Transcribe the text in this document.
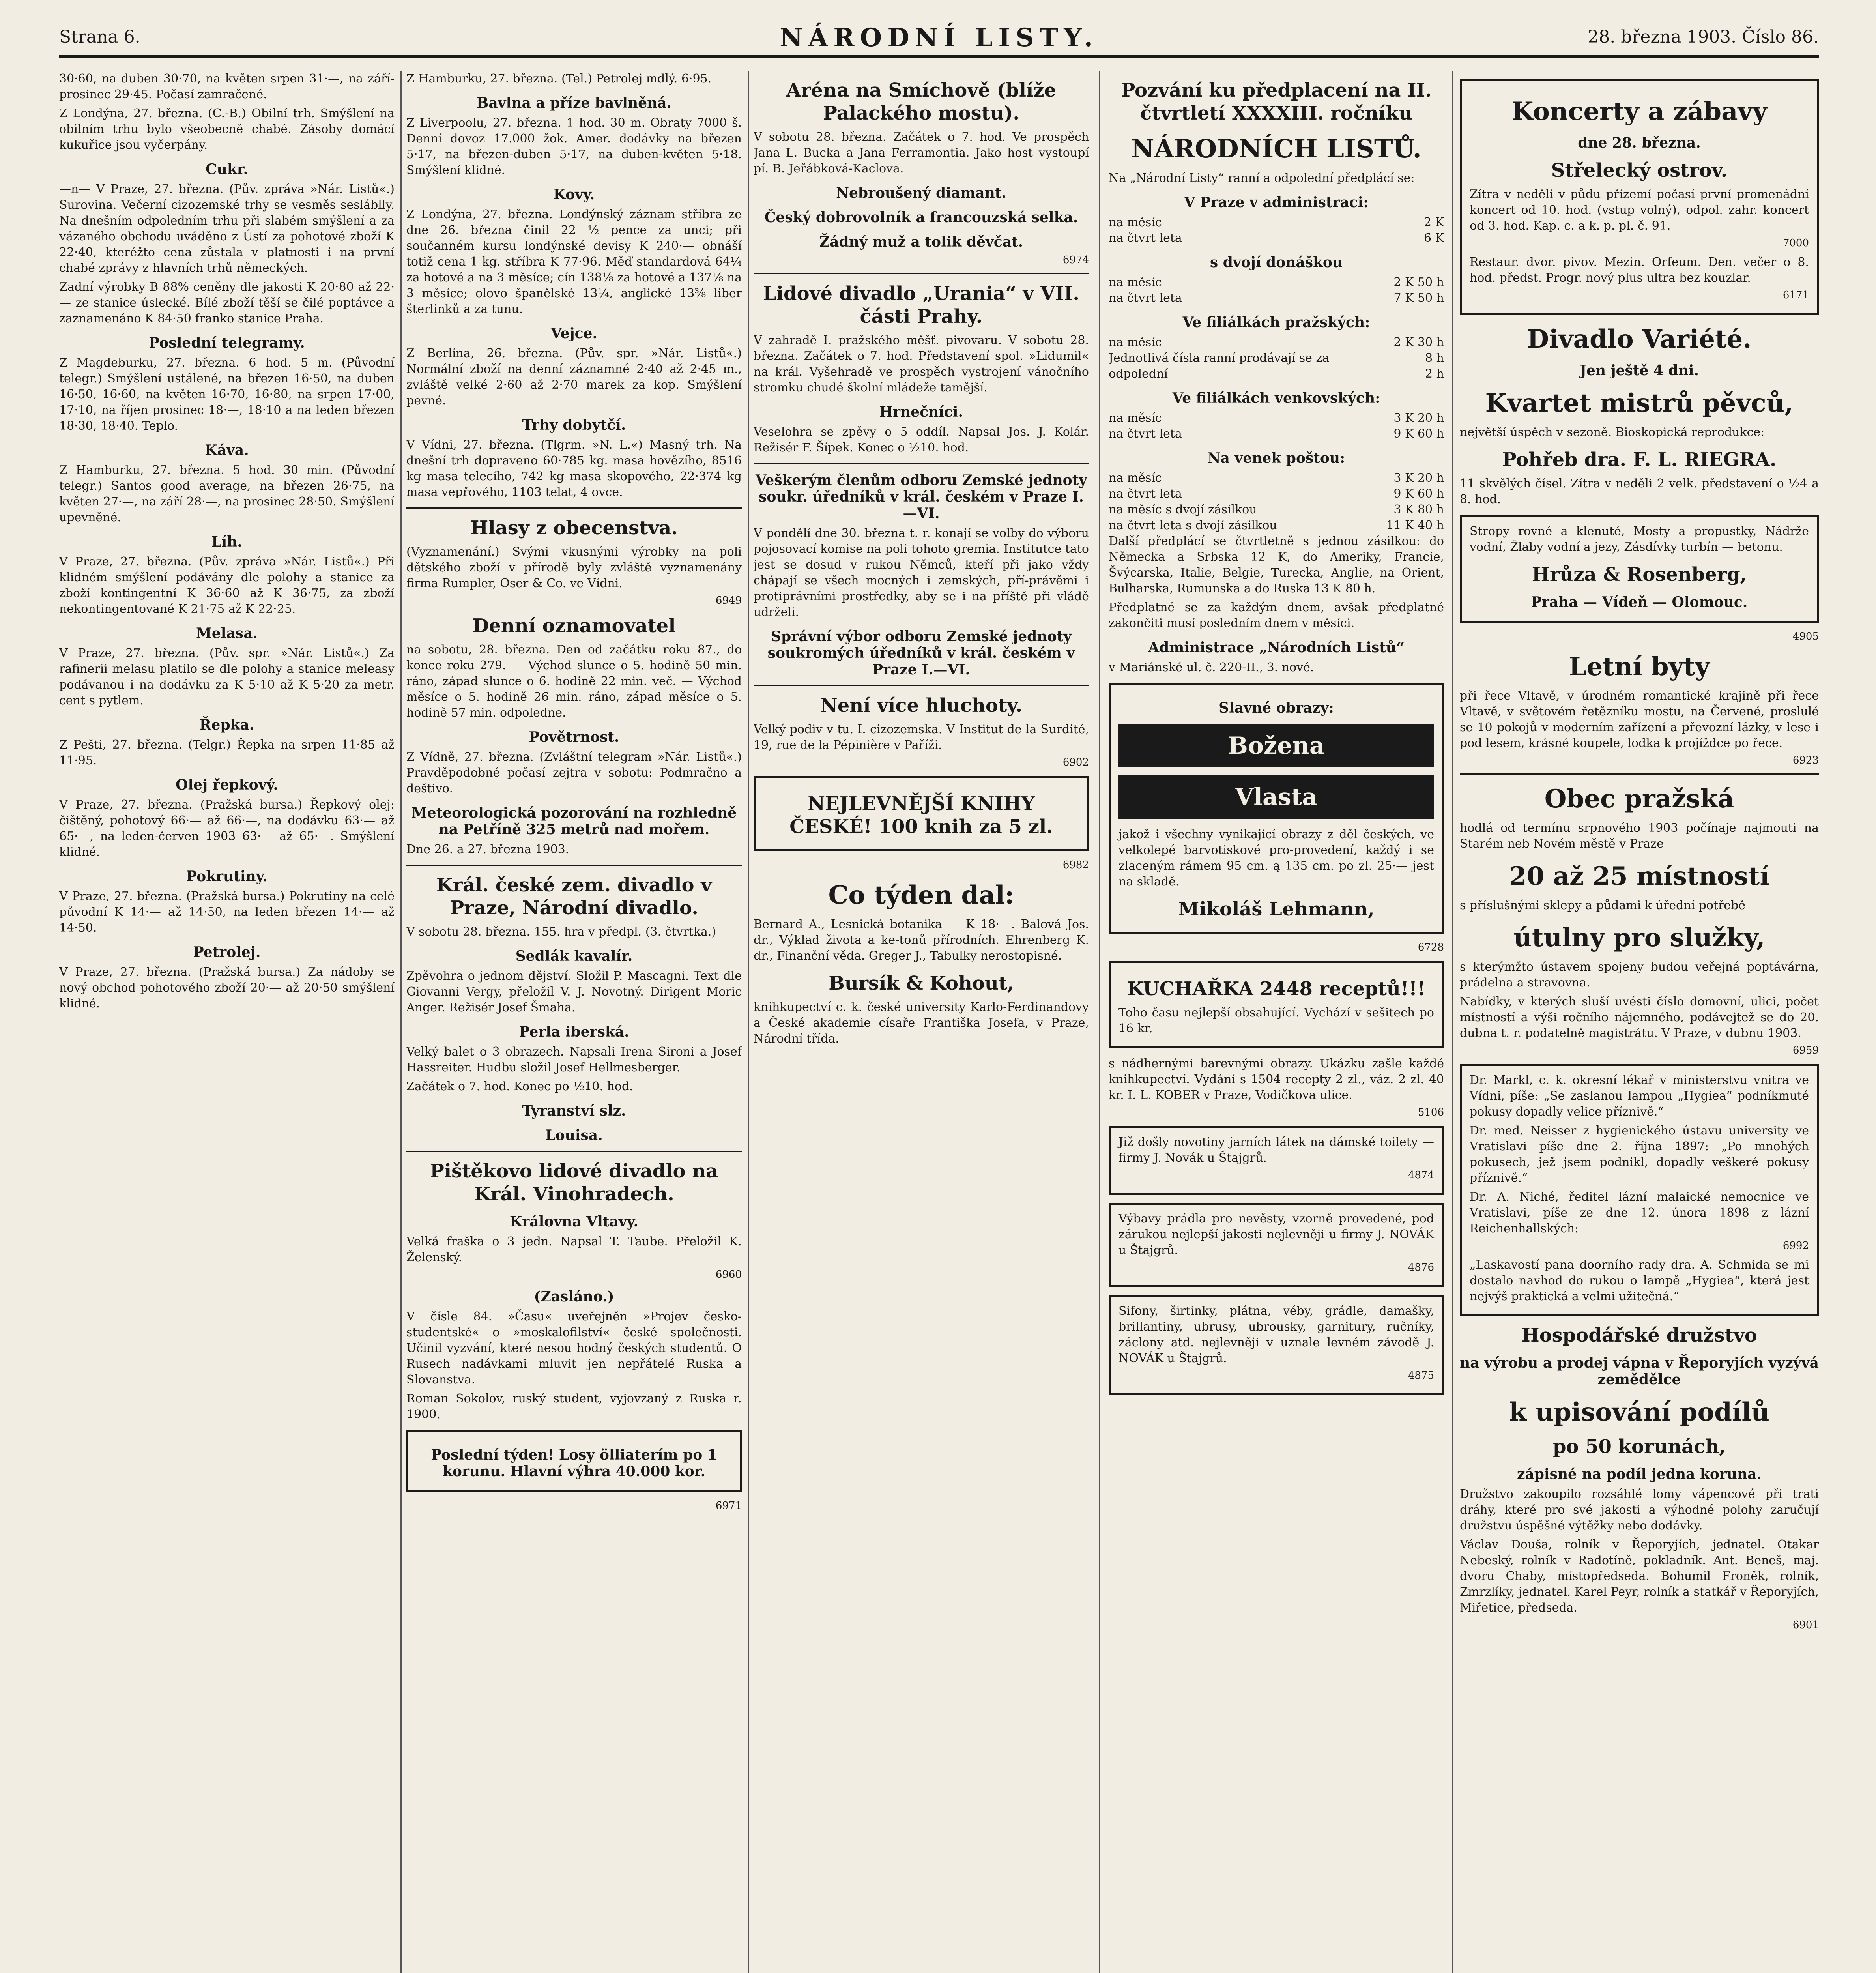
Strana 6.	NÁRODNÍ LISTY.	28. března 1903. Číslo 86.

30·60, na duben 30·70, na květen srpen 31·—, na září-prosinec 29·45. Počasí zamračené.

Z Londýna, 27. března. (C.-B.) Obilní trh. Smýšlení na obilním trhu bylo všeobecně chabé. Zásoby domácí kukuřice jsou vyčerpány.

Cukr.

—n— V Praze, 27. března. (Pův. zpráva »Nár. Listů«.) Surovina. Večerní cizozemské trhy se vesměs sesláblly. Na dnešním odpoledním trhu při slabém smýšlení a za vázaného obchodu uváděno z Ústí za pohotové zboží K 22·40, kteréžto cena zůstala v platnosti i na první chabé zprávy z hlavních trhů německých.

Zadní výrobky B 88% ceněny dle jakosti K 20·80 až 22·— ze stanice úslecké. Bílé zboží těší se čilé poptávce a zaznamenáno K 84·50 franko stanice Praha.

Poslední telegramy.

Z Magdeburku, 27. března. 6 hod. 5 m. (Původní telegr.) Smýšlení ustálené, na březen 16·50, na duben 16·50, 16·60, na květen 16·70, 16·80, na srpen 17·00, 17·10, na říjen prosinec 18·—, 18·10 a na leden březen 18·30, 18·40. Teplo.

Káva.

Z Hamburku, 27. března. 5 hod. 30 min. (Původní telegr.) Santos good average, na březen 26·75, na květen 27·—, na září 28·—, na prosinec 28·50. Smýšlení upevněné.

Líh.

V Praze, 27. března. (Pův. zpráva »Nár. Listů«.) Při klidném smýšlení podávány dle polohy a stanice za zboží kontingentní K 36·60 až K 36·75, za zboží nekontingentované K 21·75 až K 22·25.

Melasa.

V Praze, 27. března. (Pův. spr. »Nár. Listů«.) Za rafinerii melasu platilo se dle polohy a stanice meleasy podávanou i na dodávku za K 5·10 až K 5·20 za metr. cent s pytlem.

Řepka.

Z Pešti, 27. března. (Telgr.) Řepka na srpen 11·85 až 11·95.

Olej řepkový.

V Praze, 27. března. (Pražská bursa.) Řepkový olej: čištěný, pohotový 66·— až 66·—, na dodávku 63·— až 65·—, na leden-červen 1903 63·— až 65·—. Smýšlení klidné.

Pokrutiny.

V Praze, 27. března. (Pražská bursa.) Pokrutiny na celé původní K 14·— až 14·50, na leden březen 14·— až 14·50.

Petrolej.

V Praze, 27. března. (Pražská bursa.) Za nádoby se nový obchod pohotového zboží 20·— až 20·50 smýšlení klidné.

Z Hamburku, 27. března. (Tel.) Petrolej mdlý. 6·95.

Bavlna a příze bavlněná.

Z Liverpoolu, 27. března. 1 hod. 30 m. Obraty 7000 š. Denní dovoz 17.000 žok. Amer. dodávky na březen 5·17, na březen-duben 5·17, na duben-květen 5·18. Smýšlení klidné.

Kovy.

Z Londýna, 27. března. Londýnský záznam stříbra ze dne 26. března činil 22 ½ pence za unci; při součanném kursu londýnské devisy K 240·— obnáší totiž cena 1 kg. stříbra K 77·96. Měď standardová 64¼ za hotové a na 3 měsíce; cín 138⅛ za hotové a 137⅛ na 3 měsíce; olovo španělské 13¼, anglické 13⅜ liber šterlinků a za tunu.

Vejce.

Z Berlína, 26. března. (Pův. spr. »Nár. Listů«.) Normální zboží na denní záznamné 2·40 až 2·45 m., zvláště velké 2·60 až 2·70 marek za kop. Smýšlení pevné.

Trhy dobytčí.

V Vídni, 27. března. (Tlgrm. »N. L.«) Masný trh. Na dnešní trh dopraveno 60·785 kg. masa hovězího, 8516 kg masa telecího, 742 kg masa skopového, 22·374 kg masa vepřového, 1103 telat, 4 ovce.

Hlasy z obecenstva.

(Vyznamenání.) Svými vkusnými výrobky na poli dětského zboží v přírodě byly zvláště vyznamenány firma Rumpler, Oser & Co. ve Vídni.

6949
Denní oznamovatel

na sobotu, 28. března. Den od začátku roku 87., do konce roku 279. — Východ slunce o 5. hodině 50 min. ráno, západ slunce o 6. hodině 22 min. več. — Východ měsíce o 5. hodině 26 min. ráno, západ měsíce o 5. hodině 57 min. odpoledne.

Povětrnost.

Z Vídně, 27. března. (Zvláštní telegram »Nár. Listů«.) Pravděpodobné počasí zejtra v sobotu: Podmračno a deštivo.

Meteorologická pozorování na rozhledně na Petříně 325 metrů nad mořem.

Dne 26. a 27. března 1903.

Král. české zem. divadlo v Praze, Národní divadlo.

V sobotu 28. března. 155. hra v předpl. (3. čtvrtka.)

Sedlák kavalír.

Zpěvohra o jednom dějství. Složil P. Mascagni. Text dle Giovanni Vergy, přeložil V. J. Novotný. Dirigent Moric Anger. Režisér Josef Šmaha.

Perla iberská.

Velký balet o 3 obrazech. Napsali Irena Sironi a Josef Hassreiter. Hudbu složil Josef Hellmesberger.

Začátek o 7. hod. Konec po ½10. hod.

Tyranství slz.
Louisa.
Pištěkovo lidové divadlo na Král. Vinohradech.
Královna Vltavy.

Velká fraška o 3 jedn. Napsal T. Taube. Přeložil K. Želenský.

6960
(Zasláno.)

V čísle 84. »Času« uveřejněn »Projev česko-studentské« o »moskalofilství« české společnosti. Učinil vyzvání, které nesou hodný českých studentů. O Rusech nadávkami mluvit jen nepřátelé Ruska a Slovanstva.

Roman Sokolov, ruský student, vyjovzaný z Ruska r. 1900.

Poslední týden! Losy ölliaterím po 1 korunu. Hlavní výhra 40.000 kor.
6971
Aréna na Smíchově (blíže Palackého mostu).

V sobotu 28. března. Začátek o 7. hod. Ve prospěch Jana L. Bucka a Jana Ferramontia. Jako host vystoupí pí. B. Jeřábková-Kaclova.

Nebroušený diamant.
Český dobrovolník a francouzská selka.
Žádný muž a tolik děvčat.
6974
Lidové divadlo „Urania“ v VII. části Prahy.

V zahradě I. pražského měšť. pivovaru. V sobotu 28. března. Začátek o 7. hod. Představení spol. »Lidumil« na král. Vyšehradě ve prospěch vystrojení vánočního stromku chudé školní mládeže tamější.

Hrnečníci.

Veselohra se zpěvy o 5 oddíl. Napsal Jos. J. Kolár. Režisér F. Šípek. Konec o ½10. hod.

Veškerým členům odboru Zemské jednoty soukr. úředníků v král. českém v Praze I.—VI.

V pondělí dne 30. března t. r. konají se volby do výboru pojosovací komise na poli tohoto gremia. Institutce tato jest se dosud v rukou Němců, kteří při jako vždy chápají se všech mocných i zemských, pří-právěmi i protiprávními prostředky, aby se i na příště při vládě udrželi.

Správní výbor odboru Zemské jednoty soukromých úředníků v král. českém v Praze I.—VI.
Není více hluchoty.

Velký podiv v tu. I. cizozemska. V Institut de la Surdité, 19, rue de la Pépinière v Paříži.

6902
NEJLEVNĚJŠÍ KNIHY ČESKÉ! 100 knih za 5 zl.
6982
Co týden dal:

Bernard A., Lesnická botanika — K 18·—. Balová Jos. dr., Výklad života a ke-tonů přírodních. Ehrenberg K. dr., Finanční věda. Greger J., Tabulky nerostopisné.

Bursík & Kohout,

knihkupectví c. k. české university Karlo-Ferdinandovy a České akademie císaře Františka Josefa, v Praze, Národní třída.

Pozvání ku předplacení na II. čtvrtletí XXXXIII. ročníku
NÁRODNÍCH LISTŮ.

Na „Národní Listy“ ranní a odpolední předplácí se:

V Praze v administraci:
na měsíc	2 K
na čtvrt leta	6 K
s dvojí donáškou
na měsíc	2 K 50 h
na čtvrt leta	7 K 50 h
Ve filiálkách pražských:
na měsíc	2 K 30 h
Jednotlivá čísla ranní prodávají se za	8 h
odpolední	2 h
Ve filiálkách venkovských:
na měsíc	3 K 20 h
na čtvrt leta	9 K 60 h
Na venek poštou:
na měsíc	3 K 20 h
na čtvrt leta	9 K 60 h
na měsíc s dvojí zásilkou	3 K 80 h
na čtvrt leta s dvojí zásilkou	11 K 40 h

Další předplácí se čtvrtletně s jednou zásilkou: do Německa a Srbska 12 K, do Ameriky, Francie, Švýcarska, Italie, Belgie, Turecka, Anglie, na Orient, Bulharska, Rumunska a do Ruska 13 K 80 h.

Předplatné se za každým dnem, avšak předplatné zakončiti musí posledním dnem v měsíci.

Administrace „Národních Listů“

v Mariánské ul. č. 220-II., 3. nové.

Slavné obrazy:
Božena
Vlasta

jakož i všechny vynikající obrazy z děl českých, ve velkolepé barvotiskové pro-provedení, každý i se zlaceným rámem 95 cm. ą 135 cm. po zl. 25·— jest na skladě.

Mikoláš Lehmann,
6728
KUCHAŘKA 2448 receptů!!!

Toho času nejlepší obsahující. Vychází v sešitech po 16 kr.

s nádhernými barevnými obrazy. Ukázku zašle každé knihkupectví. Vydání s 1504 recepty 2 zl., váz. 2 zl. 40 kr. I. L. KOBER v Praze, Vodičkova ulice.

5106

Již došly novotiny jarních látek na dámské toilety — firmy J. Novák u Štajgrů.

4874

Výbavy prádla pro nevěsty, vzorně provedené, pod zárukou nejlepší jakosti nejlevněji u firmy J. NOVÁK u Štajgrů.

4876

Sifony, širtinky, plátna, véby, grádle, damašky, brillantiny, ubrusy, ubrousky, garnitury, ručníky, záclony atd. nejlevněji v uznale levném závodě J. NOVÁK u Štajgrů.

4875
Koncerty a zábavy
dne 28. března.
Střelecký ostrov.

Zítra v neděli v půdu přízemí počasí první promenádní koncert od 10. hod. (vstup volný), odpol. zahr. koncert od 3. hod. Kap. c. a k. p. pl. č. 91.

7000

Restaur. dvor. pivov. Mezin. Orfeum. Den. večer o 8. hod. předst. Progr. nový plus ultra bez kouzlar.

6171
Divadlo Variété.
Jen ještě 4 dni.
Kvartet mistrů pěvců,

největší úspěch v sezoně. Bioskopická reprodukce:

Pohřeb dra. F. L. RIEGRA.

11 skvělých čísel. Zítra v neděli 2 velk. představení o ½4 a 8. hod.

Stropy rovné a klenuté, Mosty a propustky, Nádrže vodní, Žlaby vodní a jezy, Zásdívky turbín — betonu.

Hrůza & Rosenberg,
Praha — Vídeň — Olomouc.
4905
Letní byty

při řece Vltavě, v úrodném romantické krajině při řece Vltavě, v světovém řetězníku mostu, na Červené, proslulé se 10 pokojů v moderním zařízení a převozní lázky, v lese i pod lesem, krásné koupele, lodka k projíždce po řece.

6923
Obec pražská

hodlá od termínu srpnového 1903 počínaje najmouti na Starém neb Novém městě v Praze

20 až 25 místností

s příslušnými sklepy a půdami k úřední potřebě

útulny pro služky,

s kterýmžto ústavem spojeny budou veřejná poptávárna, prádelna a stravovna.

Nabídky, v kterých sluší uvésti číslo domovní, ulici, počet místností a výši ročního nájemného, podávejtež se do 20. dubna t. r. podatelně magistrátu. V Praze, v dubnu 1903.

6959

Dr. Markl, c. k. okresní lékař v ministerstvu vnitra ve Vídni, píše: „Se zaslanou lampou „Hygiea“ podníkmuté pokusy dopadly velice příznivě.“

Dr. med. Neisser z hygienického ústavu university ve Vratislavi píše dne 2. října 1897: „Po mnohých pokusech, jež jsem podnikl, dopadly veškeré pokusy příznivě.“

Dr. A. Niché, ředitel lázní malaické nemocnice ve Vratislavi, píše ze dne 12. února 1898 z lázní Reichenhallských:

6992

„Laskavostí pana doorního rady dra. A. Schmida se mi dostalo navhod do rukou o lampě „Hygiea“, která jest nejvýš praktická a velmi užitečná.“

Hospodářské družstvo
na výrobu a prodej vápna v Řeporyjích vyzývá zemědělce
k upisování podílů
po 50 korunách,
zápisné na podíl jedna koruna.

Družstvo zakoupilo rozsáhlé lomy vápencové při trati dráhy, které pro své jakosti a výhodné polohy zaručují družstvu úspěšné výtěžky nebo dodávky.

Václav Douša, rolník v Řeporyjích, jednatel. Otakar Nebeský, rolník v Radotíně, pokladník. Ant. Beneš, maj. dvoru Chaby, místopředseda. Bohumil Froněk, rolník, Zmrzlíky, jednatel. Karel Peyr, rolník a statkář v Řeporyjích, Miřetice, předseda.

6901
